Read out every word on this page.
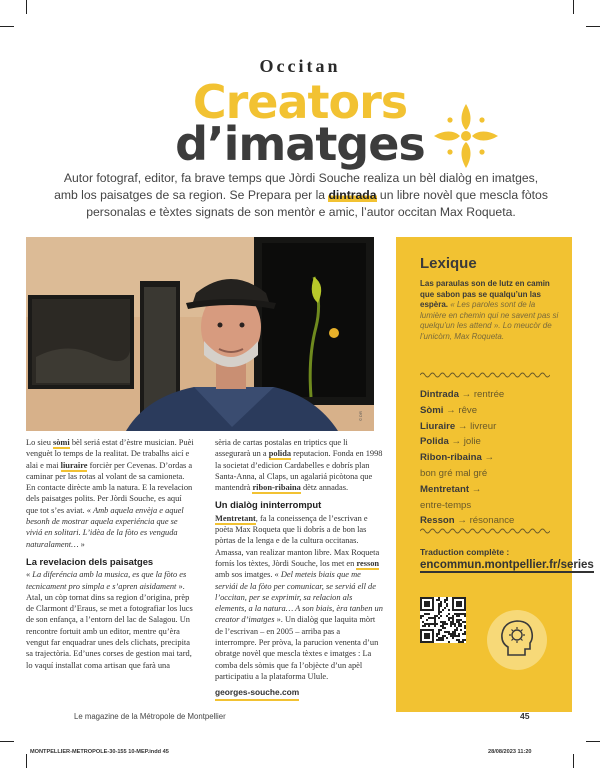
Occitan
Creators
d’imatges
Autor fotograf, editor, fa brave temps que Jòrdi Souche realiza un bèl dialòg en imatges, amb los paisatges de sa region. Se Prepara per la dintrada un libre novèl que mescla fòtos personalas e tèxtes signats de son mentòr e amic, l’autor occitan Max Roqueta.
© DR

Lo sieu sòmi bèl seriá estat d’èstre musician. Puèi venguèt lo temps de la realitat. De trabalhs aicí e alai e mai liuraire forcièr per Cevenas. D’ordas a caminar per las rotas al volant de sa camioneta. En contacte dirècte amb la natura. E la revelacion dels paisatges polits. Per Jòrdi Souche, es aquí que tot s’es aviat. « Amb aquela envèja e aquel besonh de mostrar aquela experiéncia que se viviá en solitari. L’idèa de la fòto es venguda naturalament… »

La revelacion dels paisatges

« La diferéncia amb la musica, es que la fòto es tecnicament pro simpla e s’apren aisidament ». Atal, un còp tornat dins sa region d’origina, prèp de Clarmont d’Eraus, se met a fotografiar los lucs de son enfança, a l’entorn del lac de Salagou. Un rencontre fortuit amb un editor, mentre qu’èra vengut far enquadrar unes dels clichats, precipita sa trajectòria. Ed’unes corses de gestion mai tard, lo vaquí installat coma artisan que farà una

sèria de cartas postalas en triptics que li assegurarà un a polida reputacion. Fonda en 1998 la societat d’edicion Cardabelles e dobrís plan Santa-Anna, al Claps, un agalariá picòtona que mantendrà ribon-ribaina dètz annadas.

Un dialòg ininterromput

Mentretant, fa la coneissença de l’escrivan e poèta Max Roqueta que li dobrís a de bon las pòrtas de la lenga e de la cultura occitanas. Amassa, van realizar manton libre. Max Roqueta fornís los tèxtes, Jòrdi Souche, los met en resson amb sos imatges. « Del meteis biais que me serviái de la fòto per comunicar, se serviá ell de l’occitan, per se exprimir, sa relacion als elements, a la natura… A son biais, èra tanben un creator d’imatges ». Un dialòg que laquita mòrt de l’escrivan – en 2005 – arriba pas a interrompre. Per pròva, la parucion venenta d’un obratge novèl que mescla tèxtes e imatges : La comba dels sòmis que fa l’objècte d’un apèl participatiu a la plataforma Ulule.

georges-souche.com
Lexique
Las paraulas son de lutz en camin que sabon pas se qualqu’un las espèra. « Les paroles sont de la lumière en chemin qui ne savent pas si quelqu’un les attend ». Lo meucòr de l’unicòrn, Max Roqueta.
Dintrada → rentrée
Sòmi → rêve
Liuraire → livreur
Polida → jolie
Ribon-ribaina →
bon gré mal gré
Mentretant →
entre-temps
Resson → résonance
Traduction complète :
encommun.montpellier.fr/series
Le magazine de la Métropole de Montpellier	45
MONTPELLIER-METROPOLE-30-155 10-MEP.indd 45	28/08/2023 11:20
